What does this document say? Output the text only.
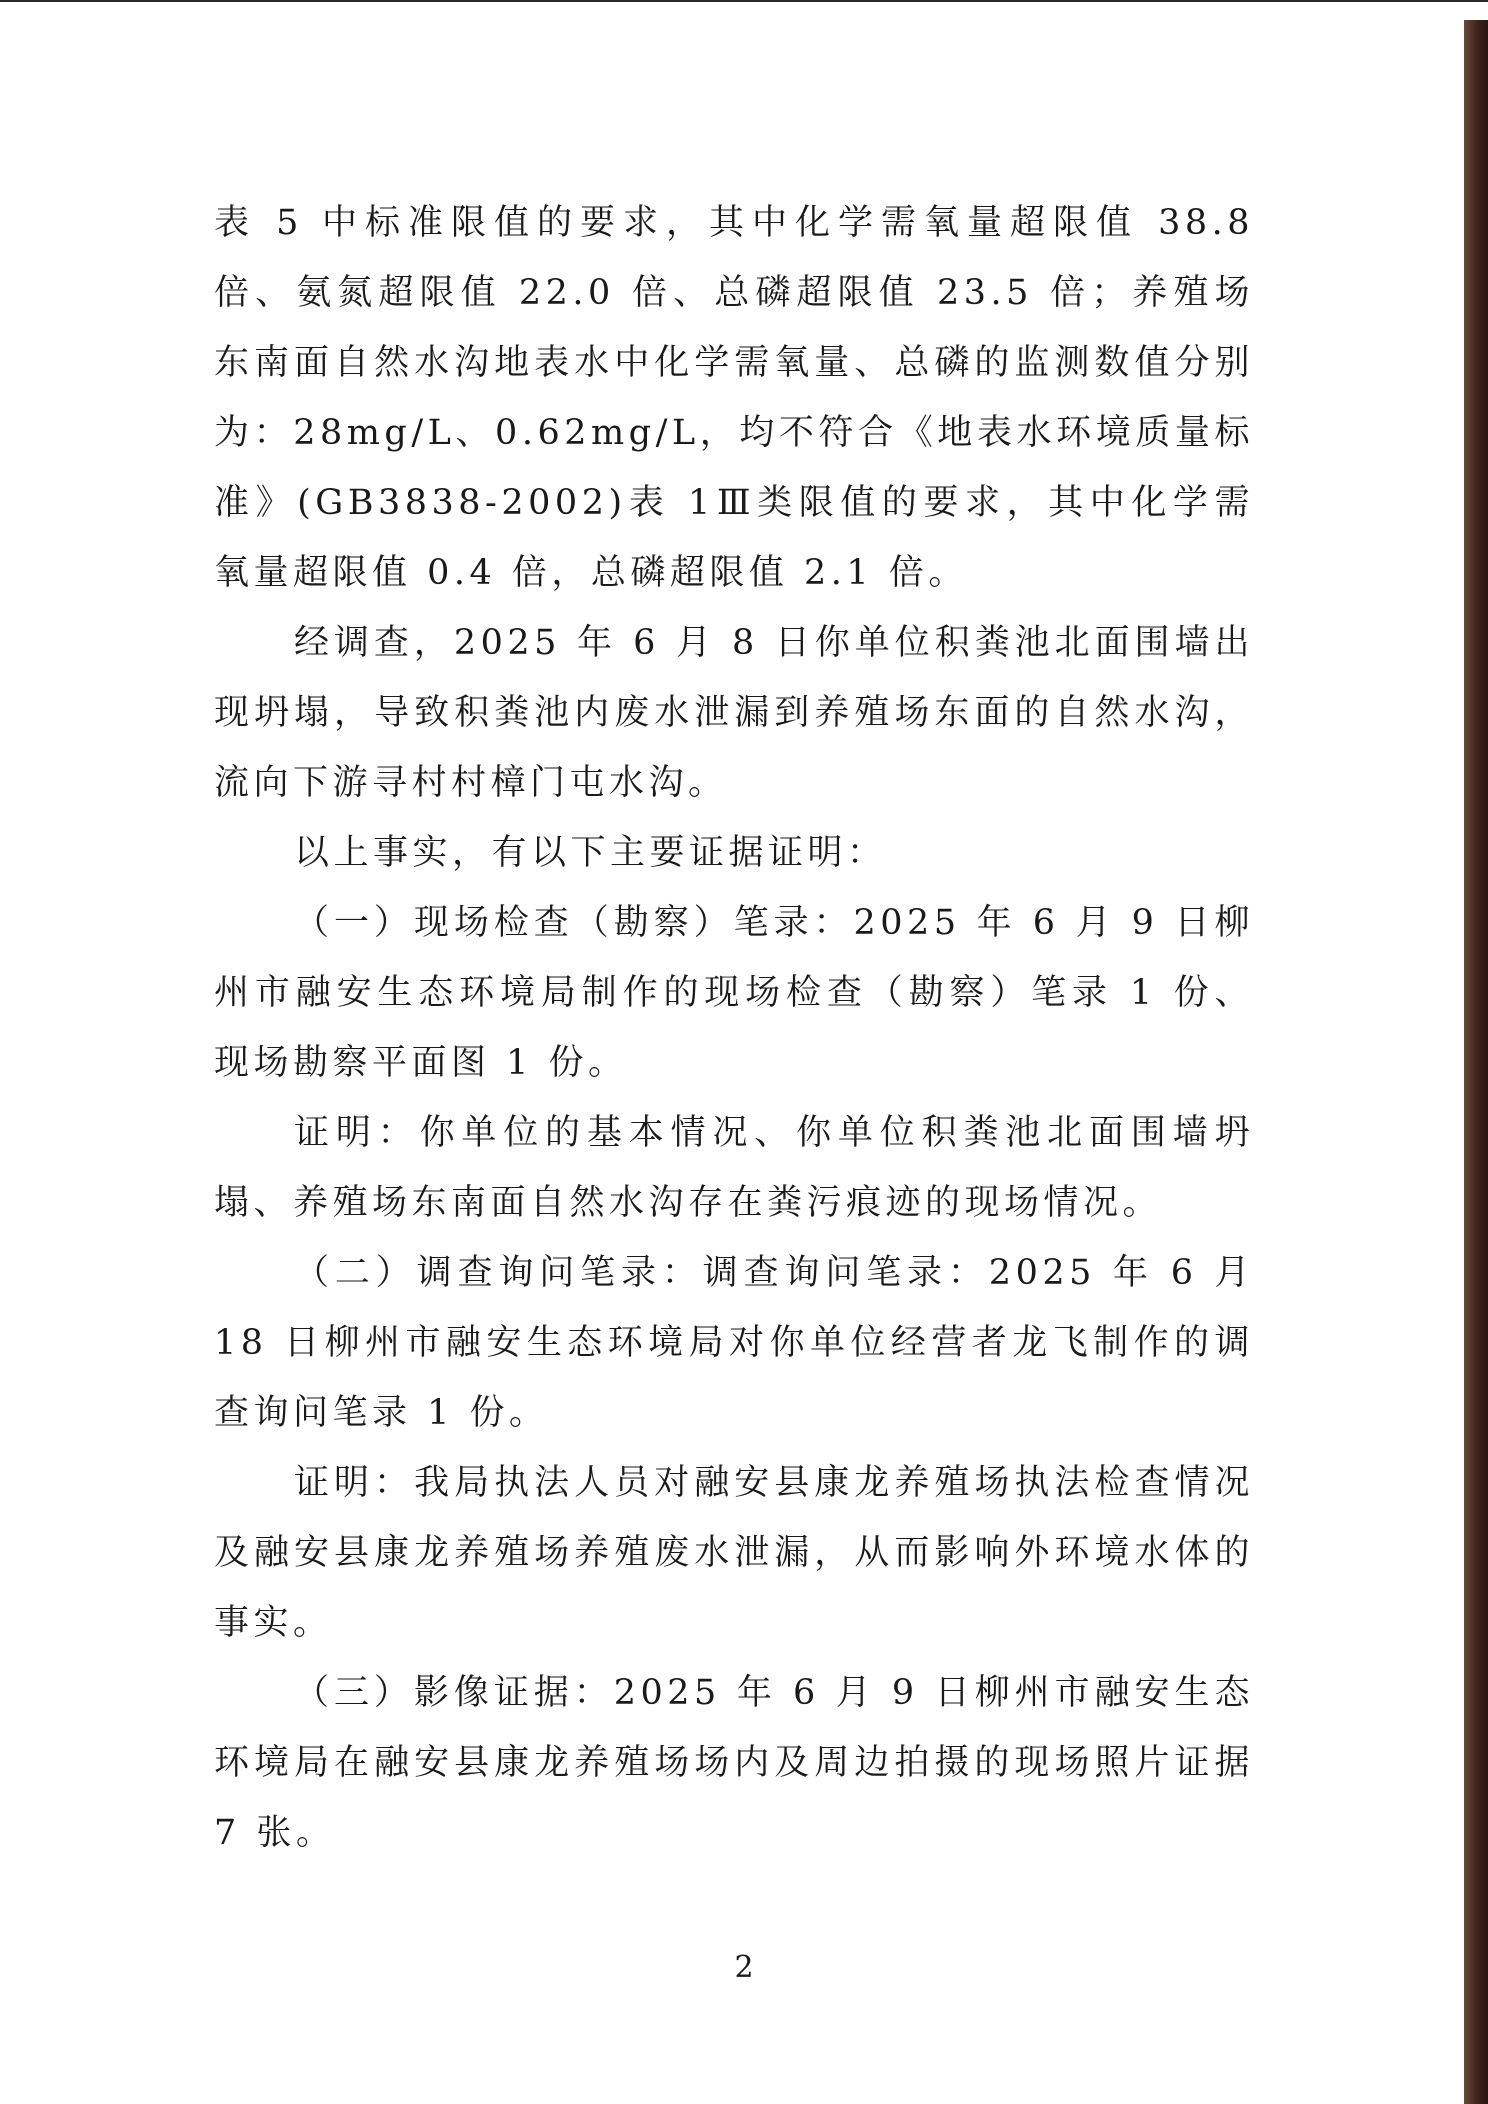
表 5 中标准限值的要求，其中化学需氧量超限值 38.8 倍、氨氮超限值 22.0 倍、总磷超限值 23.5 倍；养殖场东南面自然水沟地表水中化学需氧量、总磷的监测数值分别为：28mg/L、0.62mg/L，均不符合《地表水环境质量标准》(GB3838-2002)表 1Ⅲ类限值的要求，其中化学需氧量超限值 0.4 倍，总磷超限值 2.1 倍。

经调查，2025 年 6 月 8 日你单位积粪池北面围墙出现坍塌，导致积粪池内废水泄漏到养殖场东面的自然水沟，流向下游寻村村樟门屯水沟。

以上事实，有以下主要证据证明：

（一）现场检查（勘察）笔录：2025 年 6 月 9 日柳州市融安生态环境局制作的现场检查（勘察）笔录 1 份、现场勘察平面图 1 份。

证明：你单位的基本情况、你单位积粪池北面围墙坍塌、养殖场东南面自然水沟存在粪污痕迹的现场情况。

（二）调查询问笔录：调查询问笔录：2025 年 6 月 18 日柳州市融安生态环境局对你单位经营者龙飞制作的调查询问笔录 1 份。

证明：我局执法人员对融安县康龙养殖场执法检查情况及融安县康龙养殖场养殖废水泄漏，从而影响外环境水体的事实。

（三）影像证据：2025 年 6 月 9 日柳州市融安生态环境局在融安县康龙养殖场场内及周边拍摄的现场照片证据 7 张。

2
